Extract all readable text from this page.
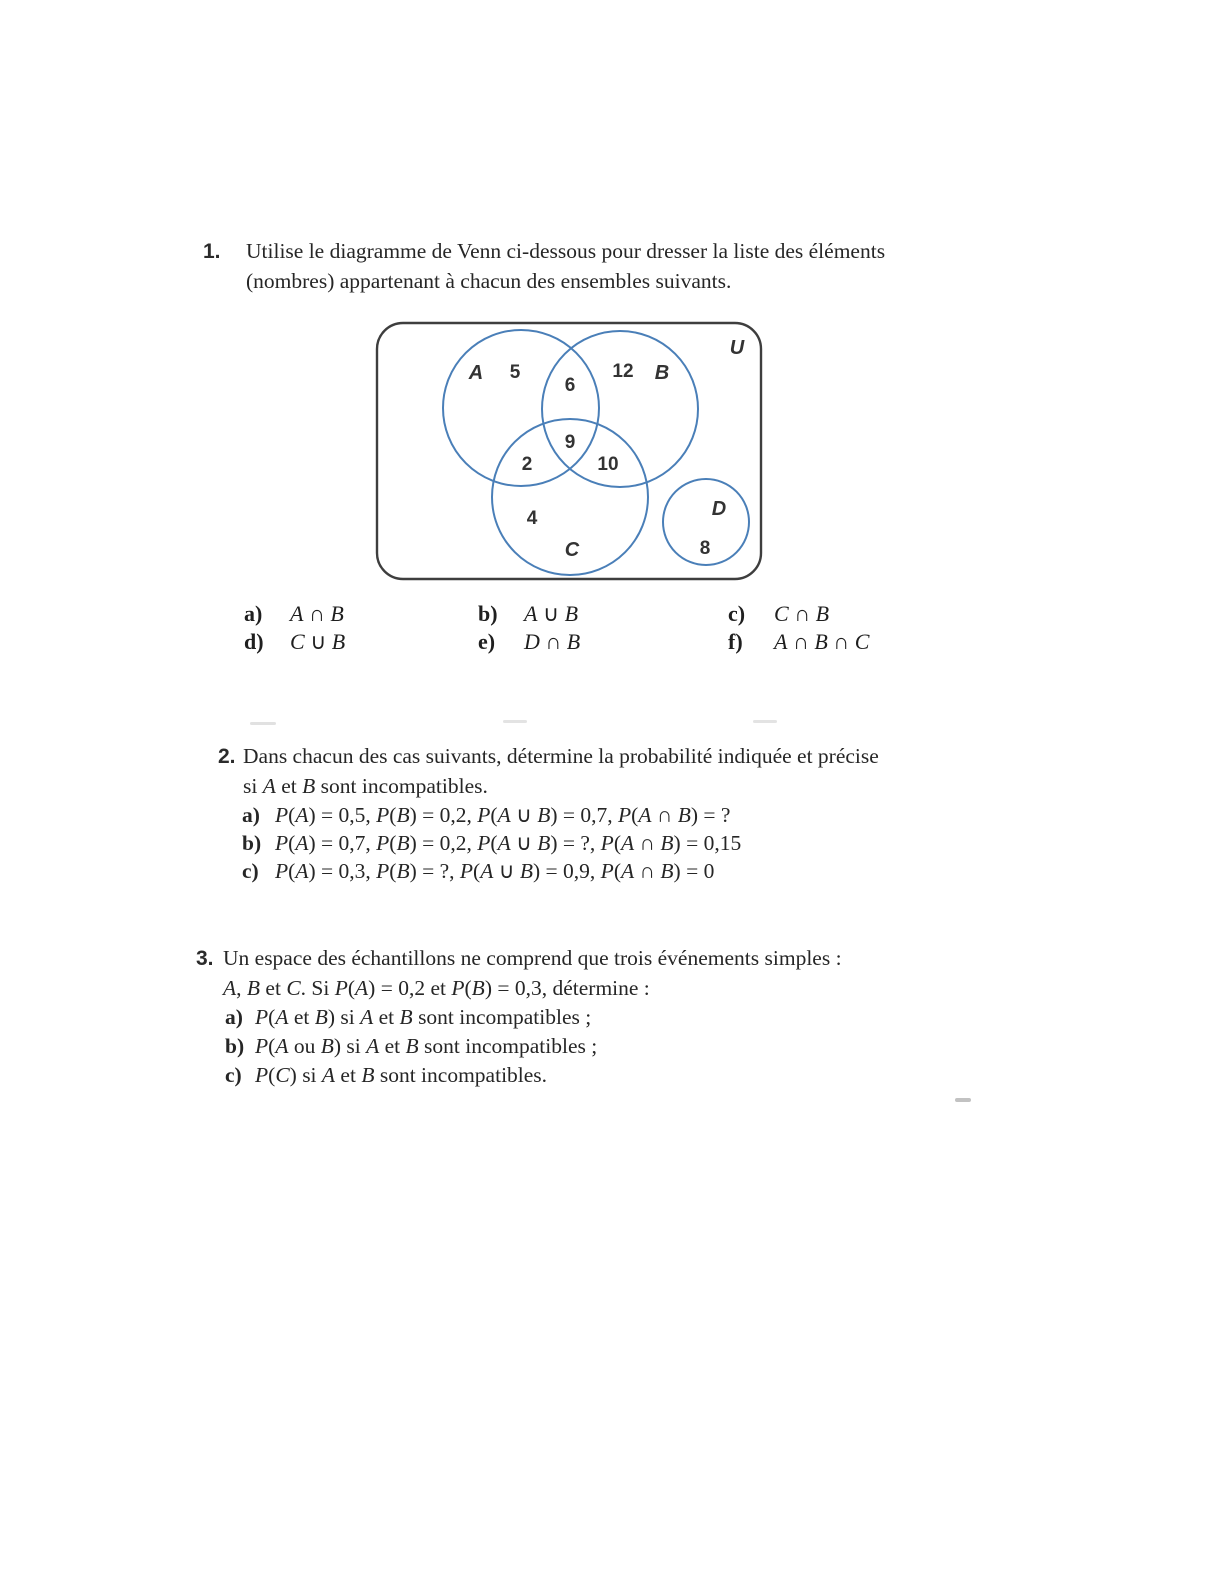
1. Utilise le diagramme de Venn ci-dessous pour dresser la liste des éléments
(nombres) appartenant à chacun des ensembles suivants.
U
A	B
C
D
5
6
12
9
2	10
4
8
a)	A ∩ B	b)	A ∪ B	c)	C ∩ B
d)	C ∪ B	e)	D ∩ B	f)	A ∩ B ∩ C
2. Dans chacun des cas suivants, détermine la probabilité indiquée et précise
si A et B sont incompatibles.
a) P(A) = 0,5, P(B) = 0,2, P(A ∪ B) = 0,7, P(A ∩ B) = ?
b) P(A) = 0,7, P(B) = 0,2, P(A ∪ B) = ?, P(A ∩ B) = 0,15
c) P(A) = 0,3, P(B) = ?, P(A ∪ B) = 0,9, P(A ∩ B) = 0
3. Un espace des échantillons ne comprend que trois événements simples :
A, B et C. Si P(A) = 0,2 et P(B) = 0,3, détermine :
a) P(A et B) si A et B sont incompatibles ;
b) P(A ou B) si A et B sont incompatibles ;
c) P(C) si A et B sont incompatibles.
